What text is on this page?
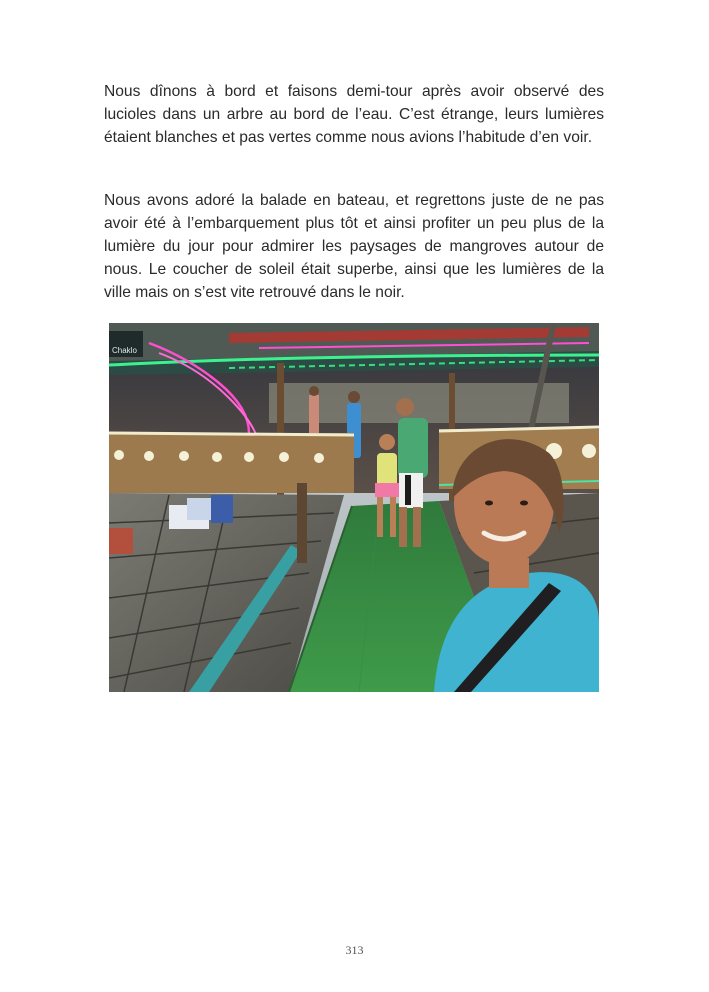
Nous dînons à bord et faisons demi-tour après avoir observé des lucioles dans un arbre au bord de l’eau. C’est étrange, leurs lumières étaient blanches et pas vertes comme nous avions l’habitude d’en voir.

Nous avons adoré la balade en bateau, et regrettons juste de ne pas avoir été à l’embarquement plus tôt et ainsi profiter un peu plus de la lumière du jour pour admirer les paysages de mangroves autour de nous. Le coucher de soleil était superbe, ainsi que les lumières de la ville mais on s’est vite retrouvé dans le noir.

Chaklo
313
